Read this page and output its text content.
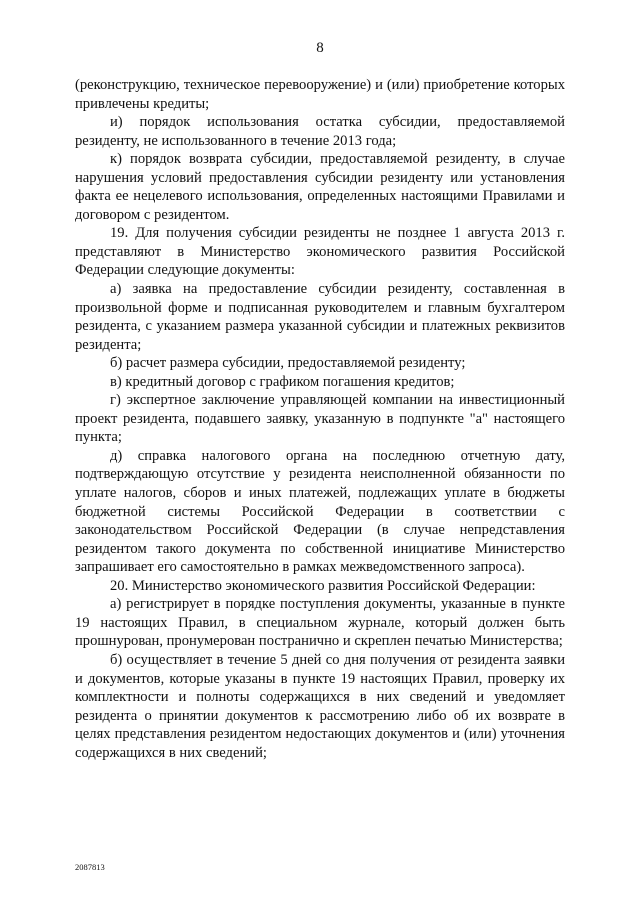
8

(реконструкцию, техническое перевооружение) и (или) приобретение которых привлечены кредиты;

и) порядок использования остатка субсидии, предоставляемой резиденту, не использованного в течение 2013 года;

к) порядок возврата субсидии, предоставляемой резиденту, в случае нарушения условий предоставления субсидии резиденту или установления факта ее нецелевого использования, определенных настоящими Правилами и договором с резидентом.

19. Для получения субсидии резиденты не позднее 1 августа 2013 г. представляют в Министерство экономического развития Российской Федерации следующие документы:

а) заявка на предоставление субсидии резиденту, составленная в произвольной форме и подписанная руководителем и главным бухгалтером резидента, с указанием размера указанной субсидии и платежных реквизитов резидента;

б) расчет размера субсидии, предоставляемой резиденту;

в) кредитный договор с графиком погашения кредитов;

г) экспертное заключение управляющей компании на инвестиционный проект резидента, подавшего заявку, указанную в подпункте "а" настоящего пункта;

д) справка налогового органа на последнюю отчетную дату, подтверждающую отсутствие у резидента неисполненной обязанности по уплате налогов, сборов и иных платежей, подлежащих уплате в бюджеты бюджетной системы Российской Федерации в соответствии с законодательством Российской Федерации (в случае непредставления резидентом такого документа по собственной инициативе Министерство запрашивает его самостоятельно в рамках межведомственного запроса).

20. Министерство экономического развития Российской Федерации:

а) регистрирует в порядке поступления документы, указанные в пункте 19 настоящих Правил, в специальном журнале, который должен быть прошнурован, пронумерован постранично и скреплен печатью Министерства;

б) осуществляет в течение 5 дней со дня получения от резидента заявки и документов, которые указаны в пункте 19 настоящих Правил, проверку их комплектности и полноты содержащихся в них сведений и уведомляет резидента о принятии документов к рассмотрению либо об их возврате в целях представления резидентом недостающих документов и (или) уточнения содержащихся в них сведений;

2087813
